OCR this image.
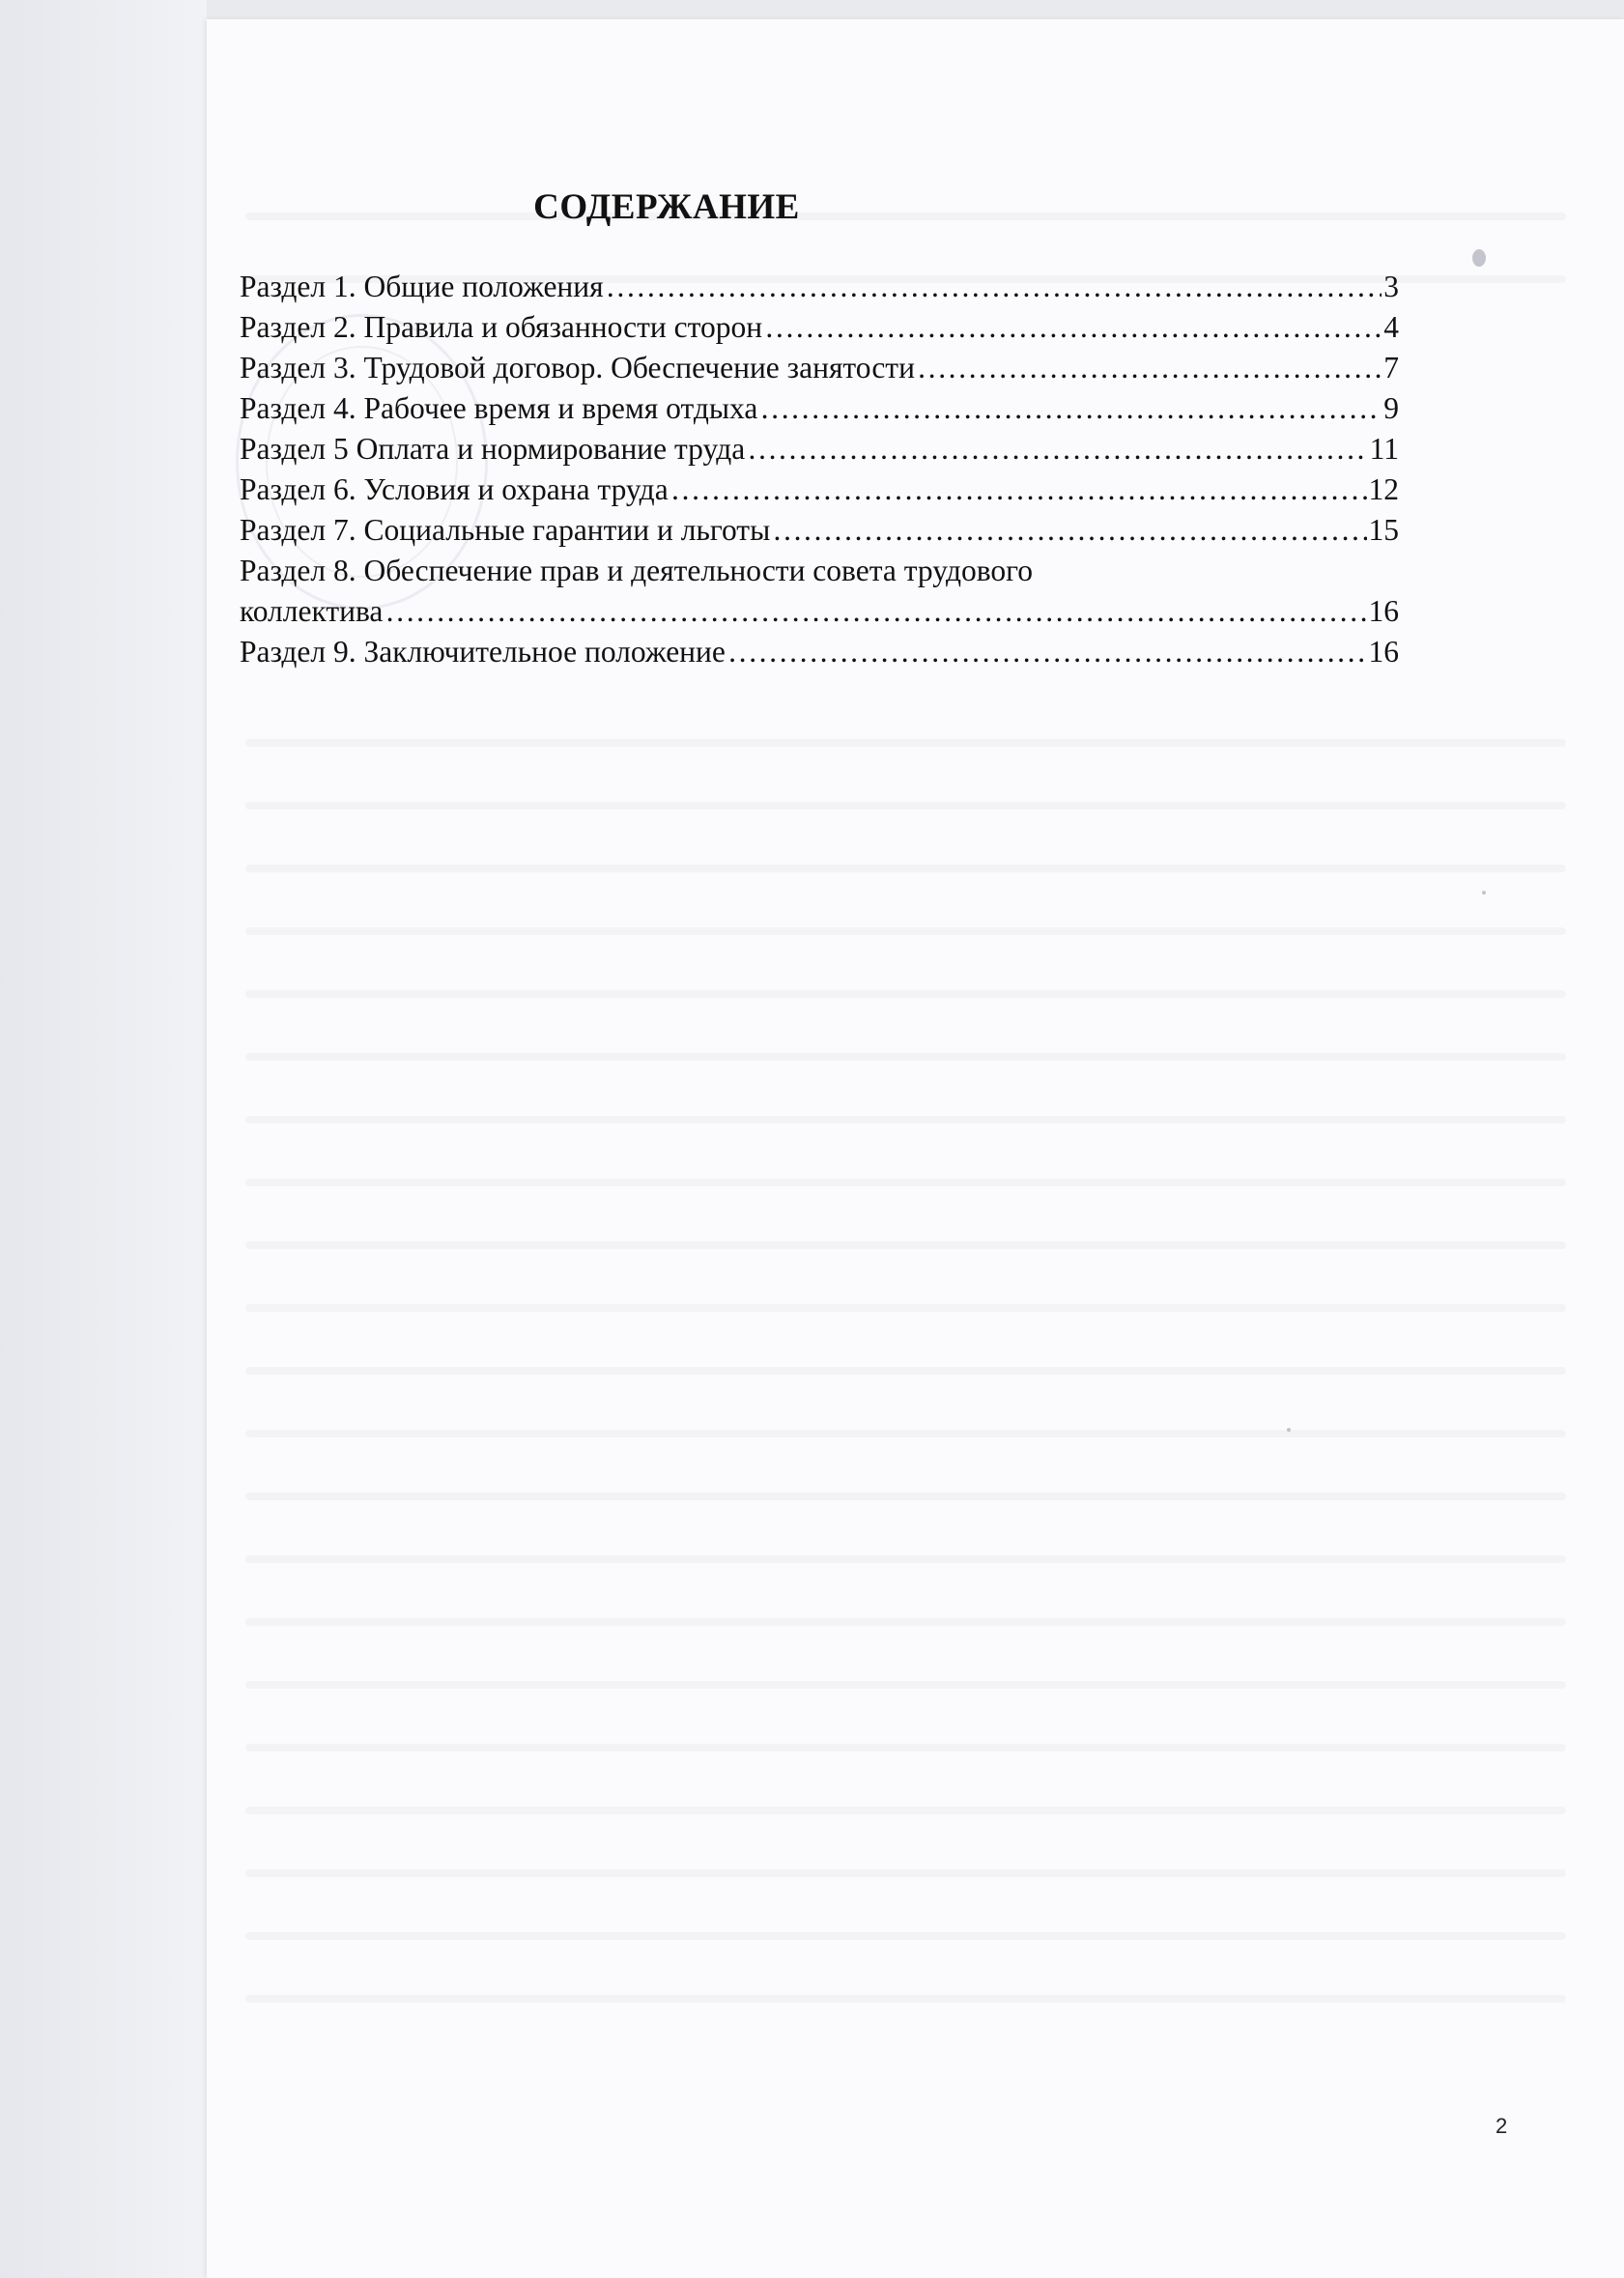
СОДЕРЖАНИЕ
Раздел 1. Общие положения ……………………………………………………………………………………………………………………………………………………	3
Раздел 2. Правила и обязанности сторон ……………………………………………………………………………………………………………………………………………………	4
Раздел 3. Трудовой договор. Обеспечение занятости ……………………………………………………………………………………………………………………………………………………	7
Раздел 4. Рабочее время и время отдыха ……………………………………………………………………………………………………………………………………………………	9
Раздел 5 Оплата и нормирование труда ……………………………………………………………………………………………………………………………………………………	11
Раздел 6. Условия и охрана труда ……………………………………………………………………………………………………………………………………………………	12
Раздел 7. Социальные гарантии и льготы ……………………………………………………………………………………………………………………………………………………	15
Раздел 8. Обеспечение прав и деятельности совета трудового
коллектива ……………………………………………………………………………………………………………………………………………………	16
Раздел 9. Заключительное положение ……………………………………………………………………………………………………………………………………………………	16
2
